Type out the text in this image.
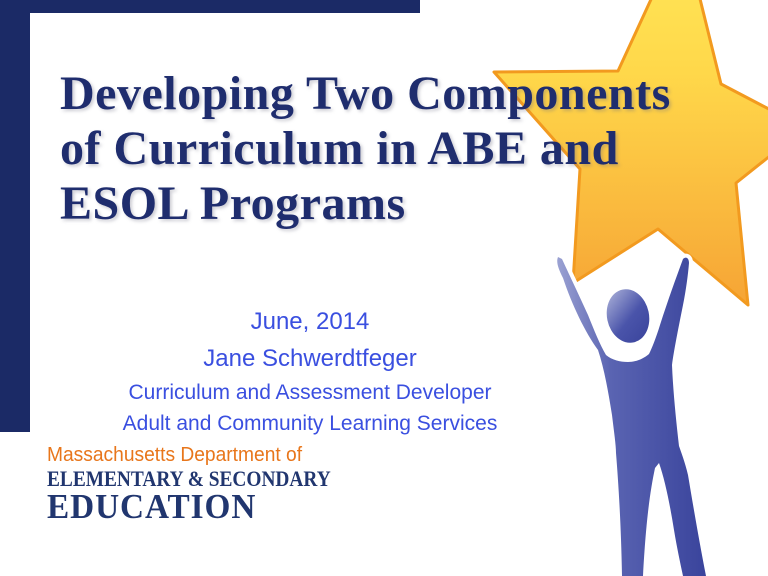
Developing Two Components
of Curriculum in ABE and
ESOL Programs
June, 2014
Jane Schwerdtfeger
Curriculum and Assessment Developer
Adult and Community Learning Services
Massachusetts Department of
ELEMENTARY & SECONDARY
EDUCATION
